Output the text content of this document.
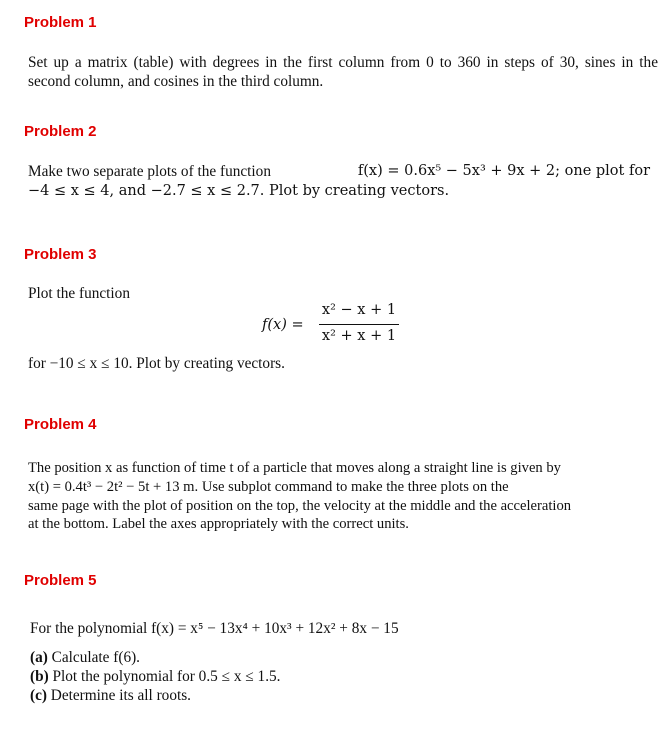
Problem 1

Set up a matrix (table) with degrees in the first column from 0 to 360 in steps of 30, sines in the second column, and cosines in the third column.

Problem 2
Make two separate plots of the function	f(x) = 0.6x⁵ − 5x³ + 9x + 2; one plot for
−4 ≤ x ≤ 4, and −2.7 ≤ x ≤ 2.7. Plot by creating vectors.
Problem 3
Plot the function
f(x) =
x² − x + 1
x² + x + 1
for −10 ≤ x ≤ 10. Plot by creating vectors.
Problem 4
The position x as function of time t of a particle that moves along a straight line is given by
x(t) = 0.4t³ − 2t² − 5t + 13 m. Use subplot command to make the three plots on the
same page with the plot of position on the top, the velocity at the middle and the acceleration
at the bottom. Label the axes appropriately with the correct units.
Problem 5
For the polynomial f(x) = x⁵ − 13x⁴ + 10x³ + 12x² + 8x − 15
(a) Calculate f(6).
(b) Plot the polynomial for 0.5 ≤ x ≤ 1.5.
(c) Determine its all roots.
